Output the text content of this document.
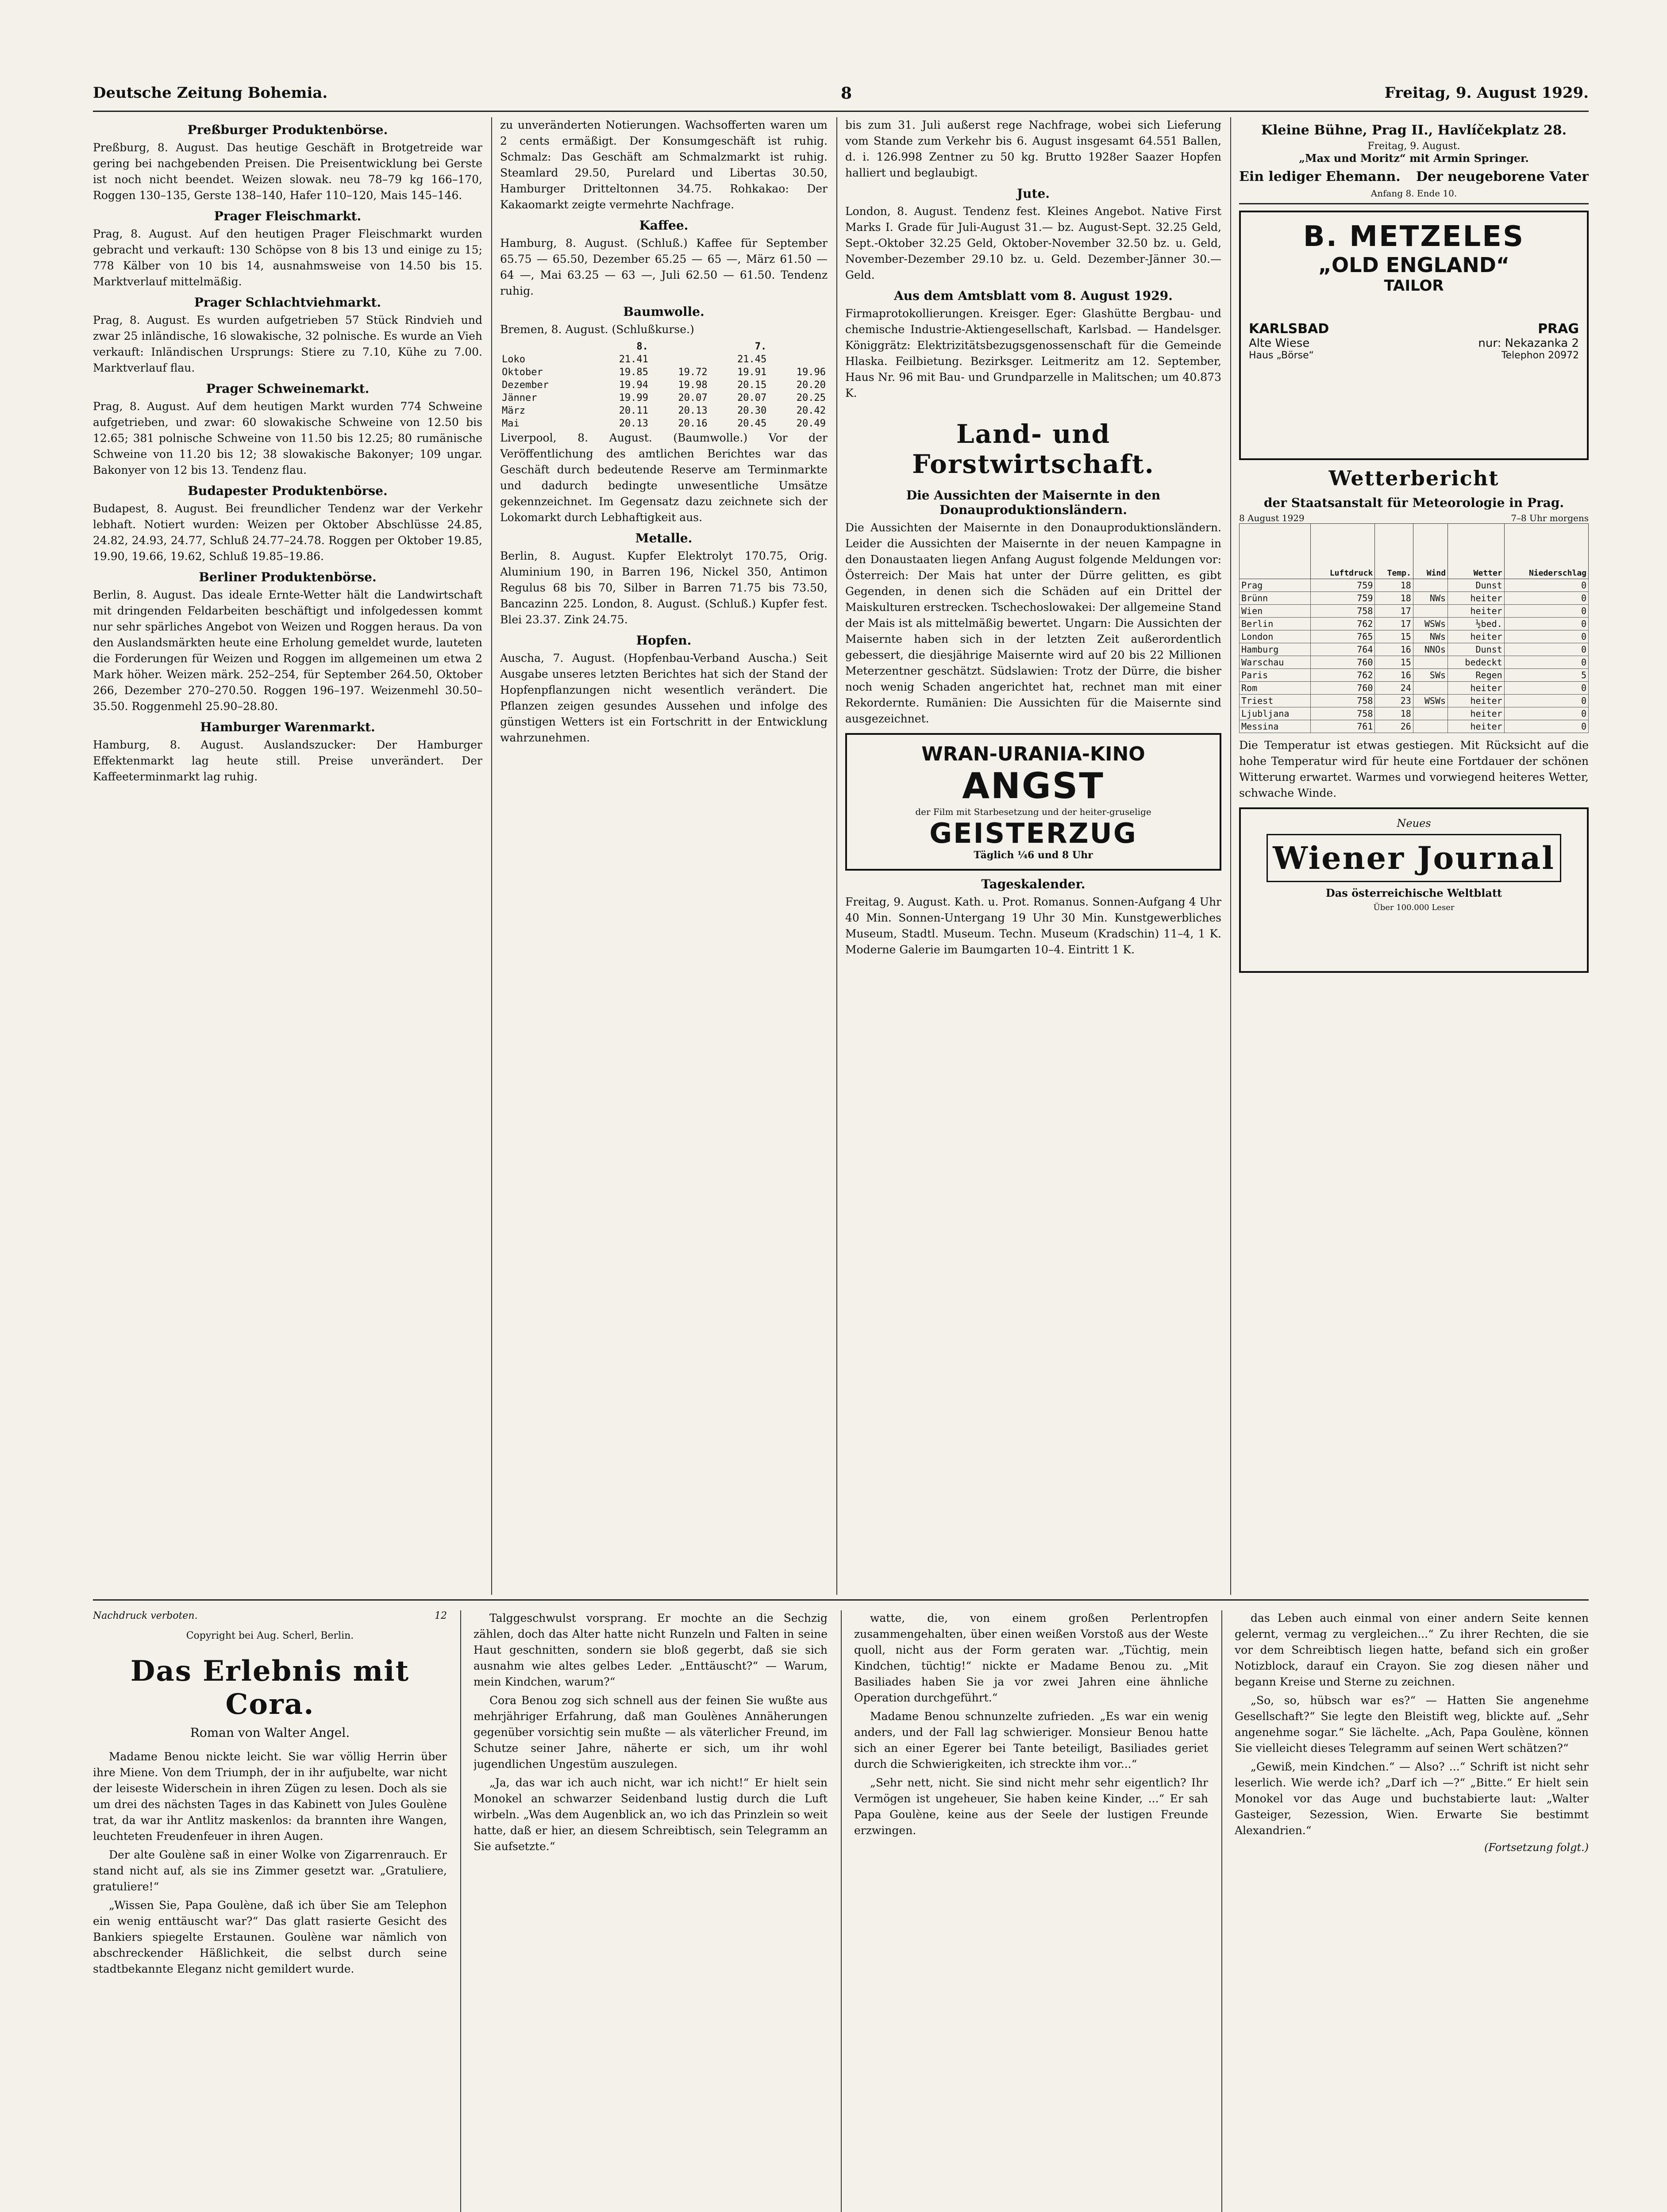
Deutsche Zeitung Bohemia.	8	Freitag, 9. August 1929.
Preßburger Produktenbörse.

Preßburg, 8. August. Das heutige Geschäft in Brotgetreide war gering bei nachgebenden Preisen. Die Preisentwicklung bei Gerste ist noch nicht beendet. Weizen slowak. neu 78–79 kg 166–170, Roggen 130–135, Gerste 138–140, Hafer 110–120, Mais 145–146.

Prager Fleischmarkt.

Prag, 8. August. Auf den heutigen Prager Fleischmarkt wurden gebracht und verkauft: 130 Schöpse von 8 bis 13 und einige zu 15; 778 Kälber von 10 bis 14, ausnahmsweise von 14.50 bis 15. Marktverlauf mittelmäßig.

Prager Schlachtviehmarkt.

Prag, 8. August. Es wurden aufgetrieben 57 Stück Rindvieh und zwar 25 inländische, 16 slowakische, 32 polnische. Es wurde an Vieh verkauft: Inländischen Ursprungs: Stiere zu 7.10, Kühe zu 7.00. Marktverlauf flau.

Prager Schweinemarkt.

Prag, 8. August. Auf dem heutigen Markt wurden 774 Schweine aufgetrieben, und zwar: 60 slowakische Schweine von 12.50 bis 12.65; 381 polnische Schweine von 11.50 bis 12.25; 80 rumänische Schweine von 11.20 bis 12; 38 slowakische Bakonyer; 109 ungar. Bakonyer von 12 bis 13. Tendenz flau.

Budapester Produktenbörse.

Budapest, 8. August. Bei freundlicher Tendenz war der Verkehr lebhaft. Notiert wurden: Weizen per Oktober Abschlüsse 24.85, 24.82, 24.93, 24.77, Schluß 24.77–24.78. Roggen per Oktober 19.85, 19.90, 19.66, 19.62, Schluß 19.85–19.86.

Berliner Produktenbörse.

Berlin, 8. August. Das ideale Ernte-Wetter hält die Landwirtschaft mit dringenden Feldarbeiten beschäftigt und infolgedessen kommt nur sehr spärliches Angebot von Weizen und Roggen heraus. Da von den Auslandsmärkten heute eine Erholung gemeldet wurde, lauteten die Forderungen für Weizen und Roggen im allgemeinen um etwa 2 Mark höher. Weizen märk. 252–254, für September 264.50, Oktober 266, Dezember 270–270.50. Roggen 196–197. Weizenmehl 30.50–35.50. Roggenmehl 25.90–28.80.

Hamburger Warenmarkt.

Hamburg, 8. August. Auslandszucker: Der Hamburger Effektenmarkt lag heute still. Preise unverändert. Der Kaffeeterminmarkt lag ruhig.

zu unveränderten Notierungen. Wachsofferten waren um 2 cents ermäßigt. Der Konsumgeschäft ist ruhig. Schmalz: Das Geschäft am Schmalzmarkt ist ruhig. Steamlard 29.50, Purelard und Libertas 30.50, Hamburger Dritteltonnen 34.75. Rohkakao: Der Kakaomarkt zeigte vermehrte Nachfrage.

Kaffee.

Hamburg, 8. August. (Schluß.) Kaffee für September 65.75 — 65.50, Dezember 65.25 — 65 —, März 61.50 — 64 —, Mai 63.25 — 63 —, Juli 62.50 — 61.50. Tendenz ruhig.

Baumwolle.

Bremen, 8. August. (Schlußkurse.)

	8.		7.	
Loko	21.41		21.45	
Oktober	19.85	19.72	19.91	19.96
Dezember	19.94	19.98	20.15	20.20
Jänner	19.99	20.07	20.07	20.25
März	20.11	20.13	20.30	20.42
Mai	20.13	20.16	20.45	20.49

Liverpool, 8. August. (Baumwolle.) Vor der Veröffentlichung des amtlichen Berichtes war das Geschäft durch bedeutende Reserve am Terminmarkte und dadurch bedingte unwesentliche Umsätze gekennzeichnet. Im Gegensatz dazu zeichnete sich der Lokomarkt durch Lebhaftigkeit aus.

Metalle.

Berlin, 8. August. Kupfer Elektrolyt 170.75, Orig. Aluminium 190, in Barren 196, Nickel 350, Antimon Regulus 68 bis 70, Silber in Barren 71.75 bis 73.50, Bancazinn 225. London, 8. August. (Schluß.) Kupfer fest. Blei 23.37. Zink 24.75.

Hopfen.

Auscha, 7. August. (Hopfenbau-Verband Auscha.) Seit Ausgabe unseres letzten Berichtes hat sich der Stand der Hopfenpflanzungen nicht wesentlich verändert. Die Pflanzen zeigen gesundes Aussehen und infolge des günstigen Wetters ist ein Fortschritt in der Entwicklung wahrzunehmen.

bis zum 31. Juli außerst rege Nachfrage, wobei sich Lieferung vom Stande zum Verkehr bis 6. August insgesamt 64.551 Ballen, d. i. 126.998 Zentner zu 50 kg. Brutto 1928er Saazer Hopfen halliert und beglaubigt.

Jute.

London, 8. August. Tendenz fest. Kleines Angebot. Native First Marks I. Grade für Juli-August 31.— bz. August-Sept. 32.25 Geld, Sept.-Oktober 32.25 Geld, Oktober-November 32.50 bz. u. Geld, November-Dezember 29.10 bz. u. Geld. Dezember-Jänner 30.— Geld.

Aus dem Amtsblatt vom 8. August 1929.

Firmaprotokollierungen. Kreisger. Eger: Glashütte Bergbau- und chemische Industrie-Aktiengesellschaft, Karlsbad. — Handelsger. Königgrätz: Elektrizitätsbezugsgenossenschaft für die Gemeinde Hlaska. Feilbietung. Bezirksger. Leitmeritz am 12. September, Haus Nr. 96 mit Bau- und Grundparzelle in Malitschen; um 40.873 K.

Land- und Forstwirtschaft.
Die Aussichten der Maisernte in den Donauproduktionsländern.

Die Aussichten der Maisernte in den Donauproduktionsländern. Leider die Aussichten der Maisernte in der neuen Kampagne in den Donaustaaten liegen Anfang August folgende Meldungen vor: Österreich: Der Mais hat unter der Dürre gelitten, es gibt Gegenden, in denen sich die Schäden auf ein Drittel der Maiskulturen erstrecken. Tschechoslowakei: Der allgemeine Stand der Mais ist als mittelmäßig bewertet. Ungarn: Die Aussichten der Maisernte haben sich in der letzten Zeit außerordentlich gebessert, die diesjährige Maisernte wird auf 20 bis 22 Millionen Meterzentner geschätzt. Südslawien: Trotz der Dürre, die bisher noch wenig Schaden angerichtet hat, rechnet man mit einer Rekordernte. Rumänien: Die Aussichten für die Maisernte sind ausgezeichnet.

WRAN-URANIA-KINO
ANGST
der Film mit Starbesetzung und der heiter-gruselige
GEISTERZUG
Täglich ¼6 und 8 Uhr
Tageskalender.

Freitag, 9. August. Kath. u. Prot. Romanus. Sonnen-Aufgang 4 Uhr 40 Min. Sonnen-Untergang 19 Uhr 30 Min. Kunstgewerbliches Museum, Stadtl. Museum. Techn. Museum (Kradschin) 11–4, 1 K. Moderne Galerie im Baumgarten 10–4. Eintritt 1 K.

Kleine Bühne, Prag II., Havlíčekplatz 28.
Freitag, 9. August.
„Max und Moritz“ mit Armin Springer.
Ein lediger Ehemann. Der neugeborene Vater
Anfang 8. Ende 10.
B. METZELES
„OLD ENGLAND“
TAILOR
KARLSBAD
Alte Wiese
Haus „Börse“
PRAG
nur: Nekazanka 2
Telephon 20972
Wetterbericht
der Staatsanstalt für Meteorologie in Prag.
8 August 1929	7–8 Uhr morgens
	Luftdruck	Temp.	Wind	Wetter	Niederschlag
Prag	759	18		Dunst	0
Brünn	759	18	NWs	heiter	0
Wien	758	17		heiter	0
Berlin	762	17	WSWs	½bed.	0
London	765	15	NWs	heiter	0
Hamburg	764	16	NNOs	Dunst	0
Warschau	760	15		bedeckt	0
Paris	762	16	SWs	Regen	5
Rom	760	24		heiter	0
Triest	758	23	WSWs	heiter	0
Ljubljana	758	18		heiter	0
Messina	761	26		heiter	0

Die Temperatur ist etwas gestiegen. Mit Rücksicht auf die hohe Temperatur wird für heute eine Fortdauer der schönen Witterung erwartet. Warmes und vorwiegend heiteres Wetter, schwache Winde.

Neues
Wiener Journal
Das österreichische Weltblatt
Über 100.000 Leser
Nachdruck verboten.	12
Copyright bei Aug. Scherl, Berlin.
Das Erlebnis mit Cora.
Roman von Walter Angel.

Madame Benou nickte leicht. Sie war völlig Herrin über ihre Miene. Von dem Triumph, der in ihr aufjubelte, war nicht der leiseste Widerschein in ihren Zügen zu lesen. Doch als sie um drei des nächsten Tages in das Kabinett von Jules Goulène trat, da war ihr Antlitz maskenlos: da brannten ihre Wangen, leuchteten Freudenfeuer in ihren Augen.

Der alte Goulène saß in einer Wolke von Zigarrenrauch. Er stand nicht auf, als sie ins Zimmer gesetzt war. „Gratuliere, gratuliere!“

„Wissen Sie, Papa Goulène, daß ich über Sie am Telephon ein wenig enttäuscht war?“ Das glatt rasierte Gesicht des Bankiers spiegelte Erstaunen. Goulène war nämlich von abschreckender Häßlichkeit, die selbst durch seine stadtbekannte Eleganz nicht gemildert wurde.

Talggeschwulst vorsprang. Er mochte an die Sechzig zählen, doch das Alter hatte nicht Runzeln und Falten in seine Haut geschnitten, sondern sie bloß gegerbt, daß sie sich ausnahm wie altes gelbes Leder. „Enttäuscht?“ — Warum, mein Kindchen, warum?“

Cora Benou zog sich schnell aus der feinen Sie wußte aus mehrjähriger Erfahrung, daß man Goulènes Annäherungen gegenüber vorsichtig sein mußte — als väterlicher Freund, im Schutze seiner Jahre, näherte er sich, um ihr wohl jugendlichen Ungestüm auszulegen.

„Ja, das war ich auch nicht, war ich nicht!“ Er hielt sein Monokel an schwarzer Seidenband lustig durch die Luft wirbeln. „Was dem Augenblick an, wo ich das Prinzlein so weit hatte, daß er hier, an diesem Schreibtisch, sein Telegramm an Sie aufsetzte.“

watte, die, von einem großen Perlentropfen zusammengehalten, über einen weißen Vorstoß aus der Weste quoll, nicht aus der Form geraten war. „Tüchtig, mein Kindchen, tüchtig!“ nickte er Madame Benou zu. „Mit Basiliades haben Sie ja vor zwei Jahren eine ähnliche Operation durchgeführt.“

Madame Benou schnunzelte zufrieden. „Es war ein wenig anders, und der Fall lag schwieriger. Monsieur Benou hatte sich an einer Egerer bei Tante beteiligt, Basiliades geriet durch die Schwierigkeiten, ich streckte ihm vor...“

„Sehr nett, nicht. Sie sind nicht mehr sehr eigentlich? Ihr Vermögen ist ungeheuer, Sie haben keine Kinder, ...“ Er sah Papa Goulène, keine aus der Seele der lustigen Freunde erzwingen.

das Leben auch einmal von einer andern Seite kennen gelernt, vermag zu vergleichen...“ Zu ihrer Rechten, die sie vor dem Schreibtisch liegen hatte, befand sich ein großer Notizblock, darauf ein Crayon. Sie zog diesen näher und begann Kreise und Sterne zu zeichnen.

„So, so, hübsch war es?“ — Hatten Sie angenehme Gesellschaft?“ Sie legte den Bleistift weg, blickte auf. „Sehr angenehme sogar.“ Sie lächelte. „Ach, Papa Goulène, können Sie vielleicht dieses Telegramm auf seinen Wert schätzen?“

„Gewiß, mein Kindchen.“ — Also? ...“ Schrift ist nicht sehr leserlich. Wie werde ich? „Darf ich —?“ „Bitte.“ Er hielt sein Monokel vor das Auge und buchstabierte laut: „Walter Gasteiger, Sezession, Wien. Erwarte Sie bestimmt Alexandrien.“

(Fortsetzung folgt.)
